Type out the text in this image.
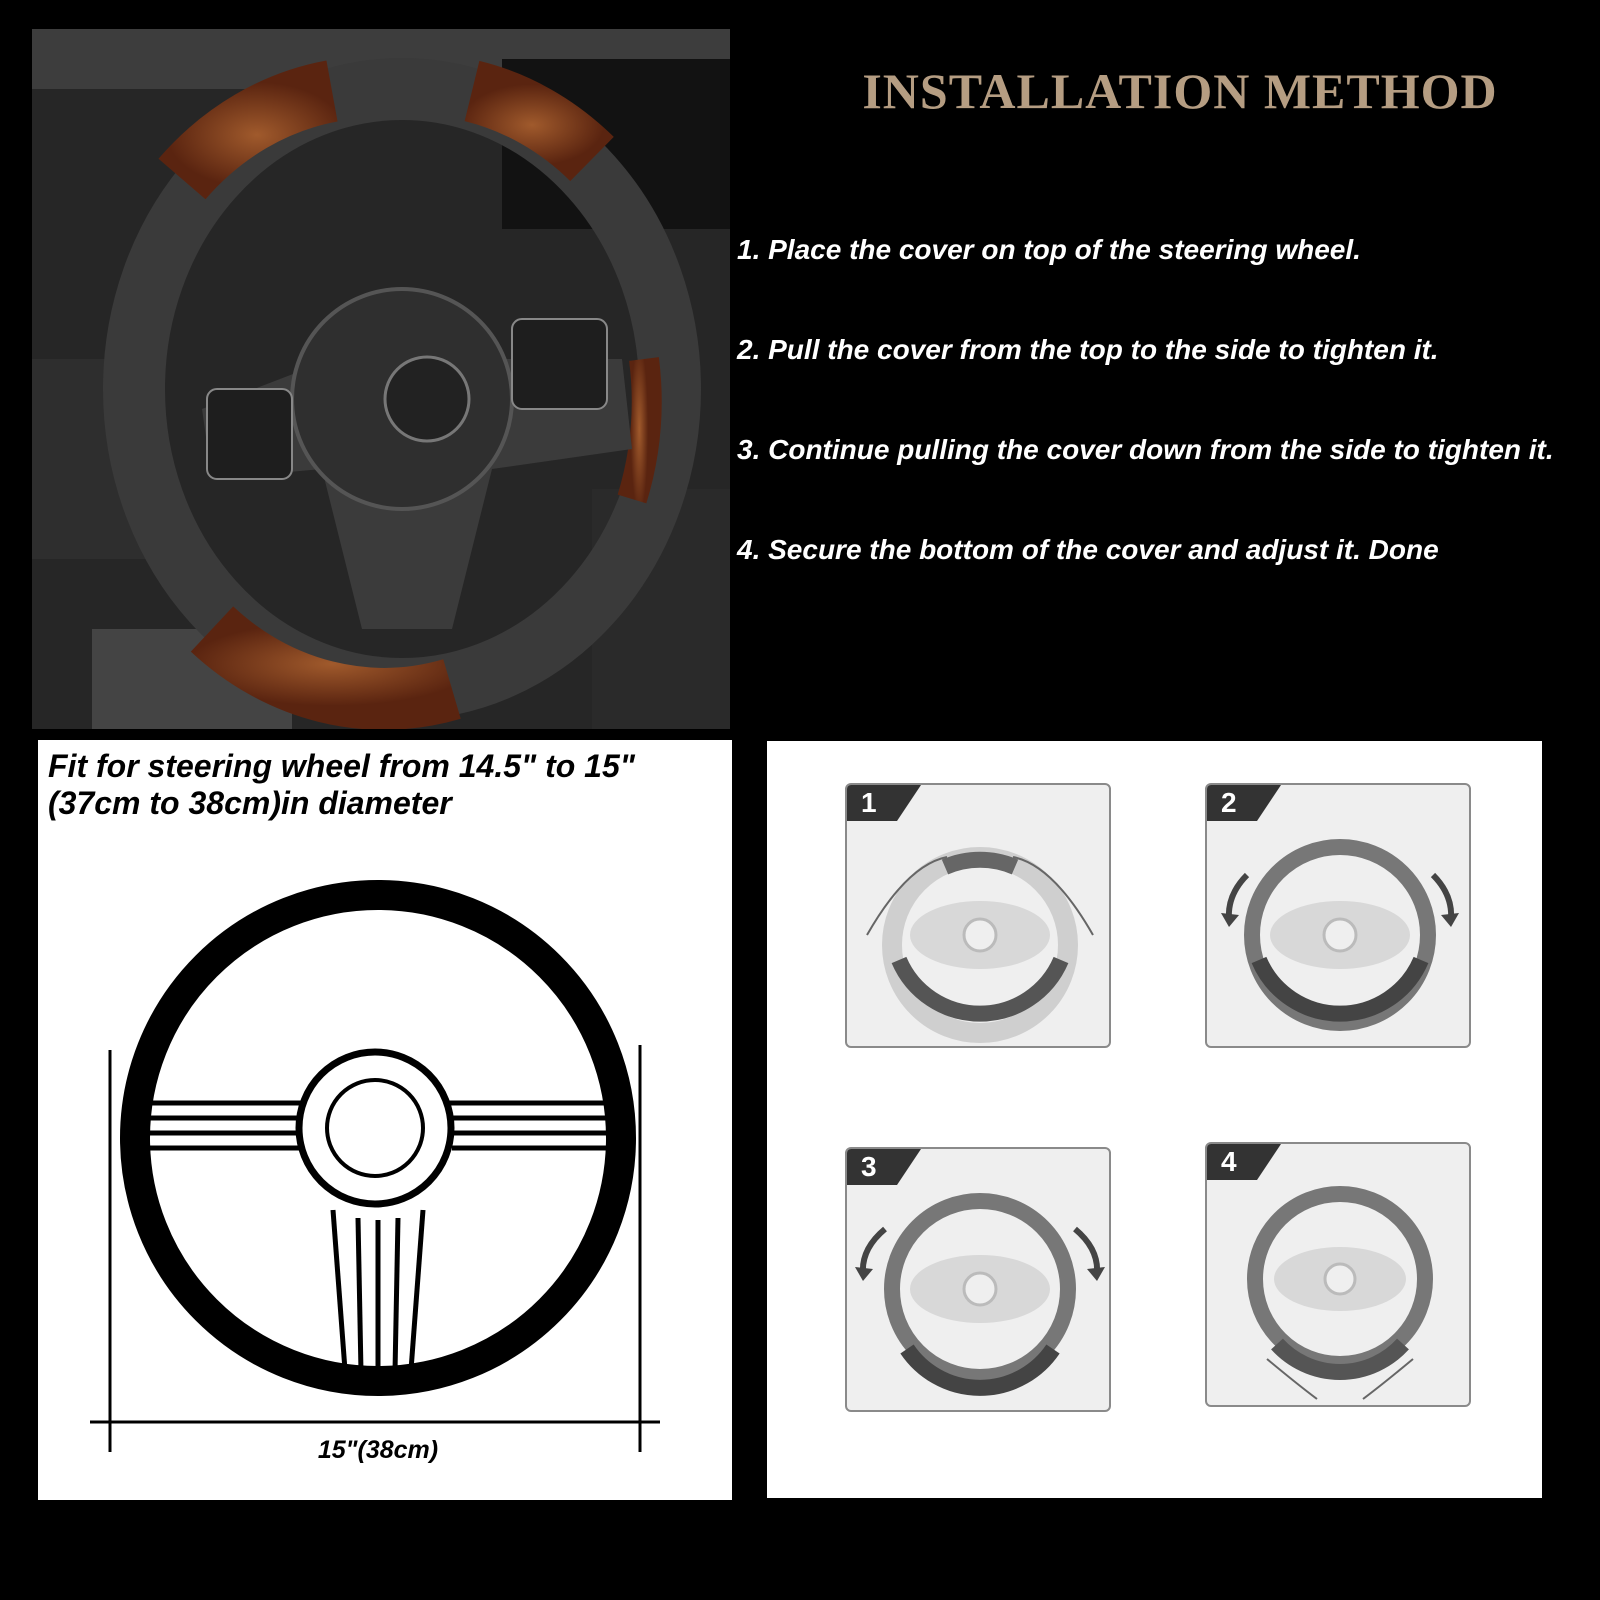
INSTALLATION METHOD
1. Place the cover on top of the steering wheel.
2. Pull the cover from the top to the side to tighten it.
3. Continue pulling the cover down from the side to tighten it.
4. Secure the bottom of the cover and adjust it. Done
Fit for steering wheel from 14.5" to 15"
(37cm to 38cm)in diameter
15"(38cm)
1	2
3	4
